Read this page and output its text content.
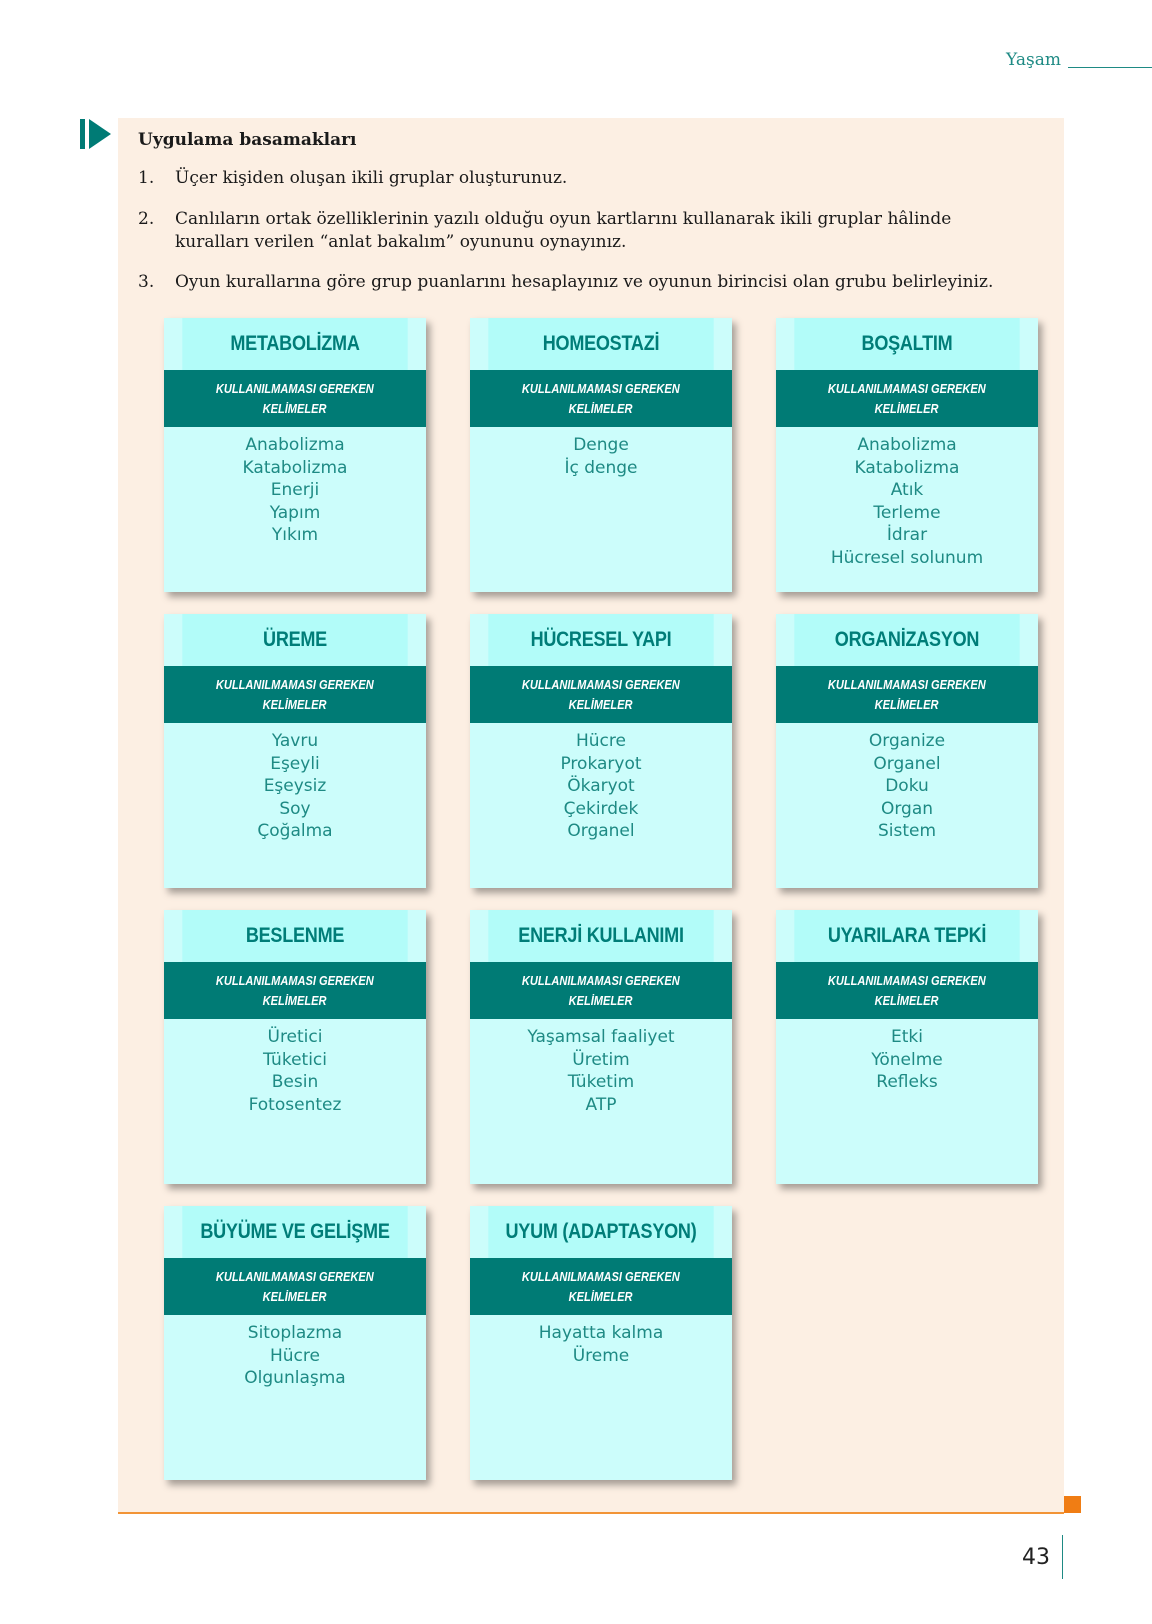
Yaşam
Uygulama basamakları
1. Üçer kişiden oluşan ikili gruplar oluşturunuz.
2. Canlıların ortak özelliklerinin yazılı olduğu oyun kartlarını kullanarak ikili gruplar hâlinde kuralları verilen “anlat bakalım” oyununu oynayınız.
3. Oyun kurallarına göre grup puanlarını hesaplayınız ve oyunun birincisi olan grubu belirleyiniz.
METABOLİZMA
KULLANILMAMASI GEREKEN
KELİMELER
Anabolizma
Katabolizma
Enerji
Yapım
Yıkım
HOMEOSTAZİ
KULLANILMAMASI GEREKEN
KELİMELER
Denge
İç denge
BOŞALTIM
KULLANILMAMASI GEREKEN
KELİMELER
Anabolizma
Katabolizma
Atık
Terleme
İdrar
Hücresel solunum
ÜREME
KULLANILMAMASI GEREKEN
KELİMELER
Yavru
Eşeyli
Eşeysiz
Soy
Çoğalma
HÜCRESEL YAPI
KULLANILMAMASI GEREKEN
KELİMELER
Hücre
Prokaryot
Ökaryot
Çekirdek
Organel
ORGANİZASYON
KULLANILMAMASI GEREKEN
KELİMELER
Organize
Organel
Doku
Organ
Sistem
BESLENME
KULLANILMAMASI GEREKEN
KELİMELER
Üretici
Tüketici
Besin
Fotosentez
ENERJİ KULLANIMI
KULLANILMAMASI GEREKEN
KELİMELER
Yaşamsal faaliyet
Üretim
Tüketim
ATP
UYARILARA TEPKİ
KULLANILMAMASI GEREKEN
KELİMELER
Etki
Yönelme
Refleks
BÜYÜME VE GELİŞME
KULLANILMAMASI GEREKEN
KELİMELER
Sitoplazma
Hücre
Olgunlaşma
UYUM (ADAPTASYON)
KULLANILMAMASI GEREKEN
KELİMELER
Hayatta kalma
Üreme
43
